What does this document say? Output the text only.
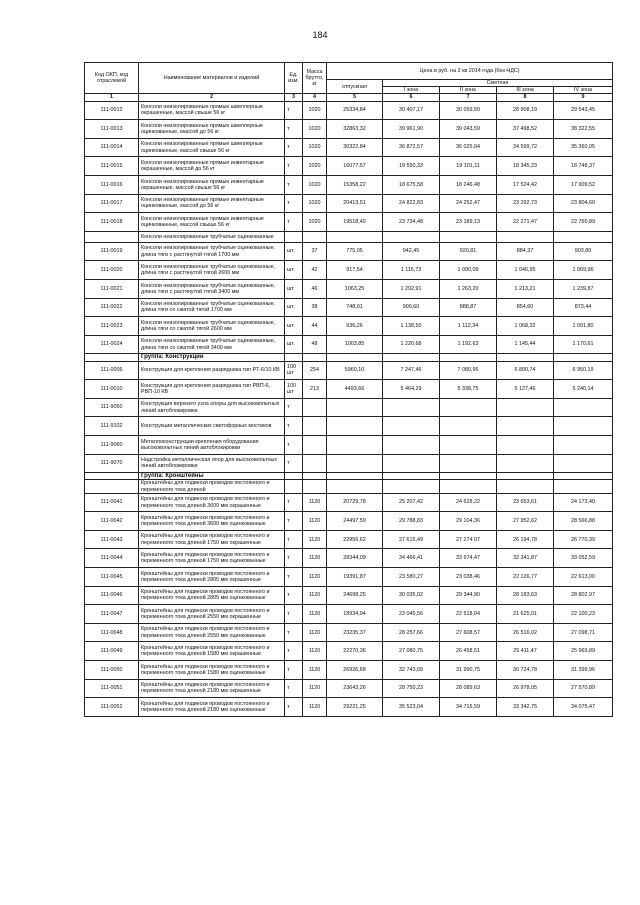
184
Код ОКП, код отраслевой	Наименование материалов и изделий	Ед. изм.	Масса брутто, кг	Цена в руб. на 2 кв 2014 года (без НДС)				
				отпускная	Сметная			
					I зона	II зона	III зона	IV зона
1	2	3	4	5	6	7	8	9
111-0012	Консоли неизолированные прямые швеллерные окрашенные, массой свыше 56 кг	т	1020	25334,84	30 407,17	30 059,50	28 908,19	29 543,45
111-0013	Консоли неизолированные прямые швеллерные оцинкованные, массой до 56 кг	т	1020	32863,32	39 961,90	39 043,59	37 498,52	38 322,55
111-0014	Консоли неизолированные прямые швеллерные оцинкованные, массой свыше 56 кг	т	1020	30322,84	36 872,57	36 025,04	34 599,72	35 360,05
111-0015	Консоли неизолированные прямые инвентарные окрашенные, массой до 56 кг	т	1020	16077,57	19 550,33	19 101,11	18 345,23	18 748,37
111-0016	Консоли неизолированные прямые инвентарные окрашенные, массой свыше 56 кг	т	1020	15358,22	18 675,58	18 246,48	17 524,42	17 909,52
111-0017	Консоли неизолированные прямые инвентарные оцинкованные, массой до 56 кг	т	1020	20413,51	24 822,83	24 252,47	23 292,73	23 804,60
111-0018	Консоли неизолированные прямые инвентарные оцинкованные, массой свыше 56 кг	т	1020	19518,49	23 734,48	23 189,13	22 271,47	22 760,89
	Консоли неизолированные трубчатые оцинкованные							
111-0019	Консоли неизолированные трубчатые оцинкованные, длина тяги с растянутой тягой 1700 мм	шт.	37	775,05	942,45	920,81	884,37	903,80
111-0020	Консоли неизолированные трубчатые оцинкованные, длина тяги с растянутой тягой 2600 мм	шт.	42	917,54	1 115,73	1 090,09	1 046,95	1 069,96
111-0021	Консоли неизолированные трубчатые оцинкованные, длина тяги с растянутой тягой 3400 мм	шт.	46	1063,25	1 292,91	1 263,20	1 213,21	1 239,87
111-0022	Консоли неизолированные трубчатые оцинкованные, длина тяги со сжатой тягой 1700 мм	шт.	38	748,01	909,60	888,87	854,60	873,44
111-0023	Консоли неизолированные трубчатые оцинкованные, длина тяги со сжатой тягой 2600 мм	шт.	44	936,26	1 138,50	1 112,34	1 068,32	1 091,80
111-0024	Консоли неизолированные трубчатые оцинкованные, длина тяги со сжатой тягой 3400 мм	шт.	48	1003,85	1 220,68	1 192,63	1 145,44	1 170,61
	Группа: Конструкции							
111-0006	Конструкция для крепления разрядника тип РТ-6/10 КВ	100 шт	254	5960,10	7 247,46	7 080,96	6 800,74	6 950,19
111-0010	Конструкция для крепления разрядника тип РВП-6, РВП-10 КВ	100 шт	213	4493,66	5 464,29	5 338,75	5 127,46	5 240,14
111-9050	Конструкция верхнего узла опоры для высоковольтных линий автоблокировки	т						
111-9102	Конструкции металлических светофорных мостиков	т						
111-9060	Металлоконструкции крепления оборудования высоковольтных линий автоблокировки	т						
111-9070	Надстройка металлическая опор для высоковольтных линий автоблокировки	т						
	Группа: Кронштейны							
	Кронштейны для подвески проводов постоянного и переменного тока длиной							
111-0041	Кронштейны для подвески проводов постоянного и переменного тока длиной 3600 мм окрашенные	т	1120	20729,78	25 207,42	24 628,22	23 653,61	24 173,40
111-0042	Кронштейны для подвески проводов постоянного и переменного тока длиной 3600 мм оцинкованные	т	1120	24497,59	29 788,83	29 104,36	27 952,62	28 566,88
111-0043	Кронштейны для подвески проводов постоянного и переменного тока длиной 1750 мм окрашенные	т	1120	22956,62	27 615,49	27 274 07	26 194,78	26 770,39
111-0044	Кронштейны для подвески проводов постоянного и переменного тока длиной 1750 мм оцинкованные	т	1120	28344,09	34 466,41	33 674,47	32 341,87	33 052,59
111-0045	Кронштейны для подвески проводов постоянного и переменного тока длиной 2805 мм окрашенные	т	1120	19391,87	23 580,27	23 038,46	22 126,77	22 613,00
111-0046	Кронштейны для подвески проводов постоянного и переменного тока длиной 2805 мм оцинкованные	т	1120	24698,25	30 035,02	29 344,90	28 183,63	28 802,97
111-0047	Кронштейны для подвески проводов постоянного и переменного тока длиной 2550 мм окрашенные	т	1120	18934,94	23 045,56	22 518,04	21 625,01	22 100,23
111-0048	Кронштейны для подвески проводов постоянного и переменного тока длиной 2550 мм оцинкованные	т	1120	23235,37	28 257,66	27 608,57	26 516,02	27 098,71
111-0049	Кронштейны для подвески проводов постоянного и переменного тока длиной 1580 мм окрашенные	т	1120	22270,36	27 080,75	26 458,51	25 411,47	25 969,89
111-0050	Кронштейны для подвески проводов постоянного и переменного тока длиной 1580 мм оцинкованные	т	1120	26926,68	32 743,09	31 990,75	30 724,78	31 399,96
111-0051	Кронштейны для подвески проводов постоянного и переменного тока длиной 2180 мм окрашенные	т	1120	23643,26	28 750,23	28 089,63	26 978,05	27 570,89
111-0052	Кронштейны для подвески проводов постоянного и переменного тока длиной 2180 мм оцинкованные	т	1120	29221,25	35 523,04	34 715,59	33 342,75	34 075,47
